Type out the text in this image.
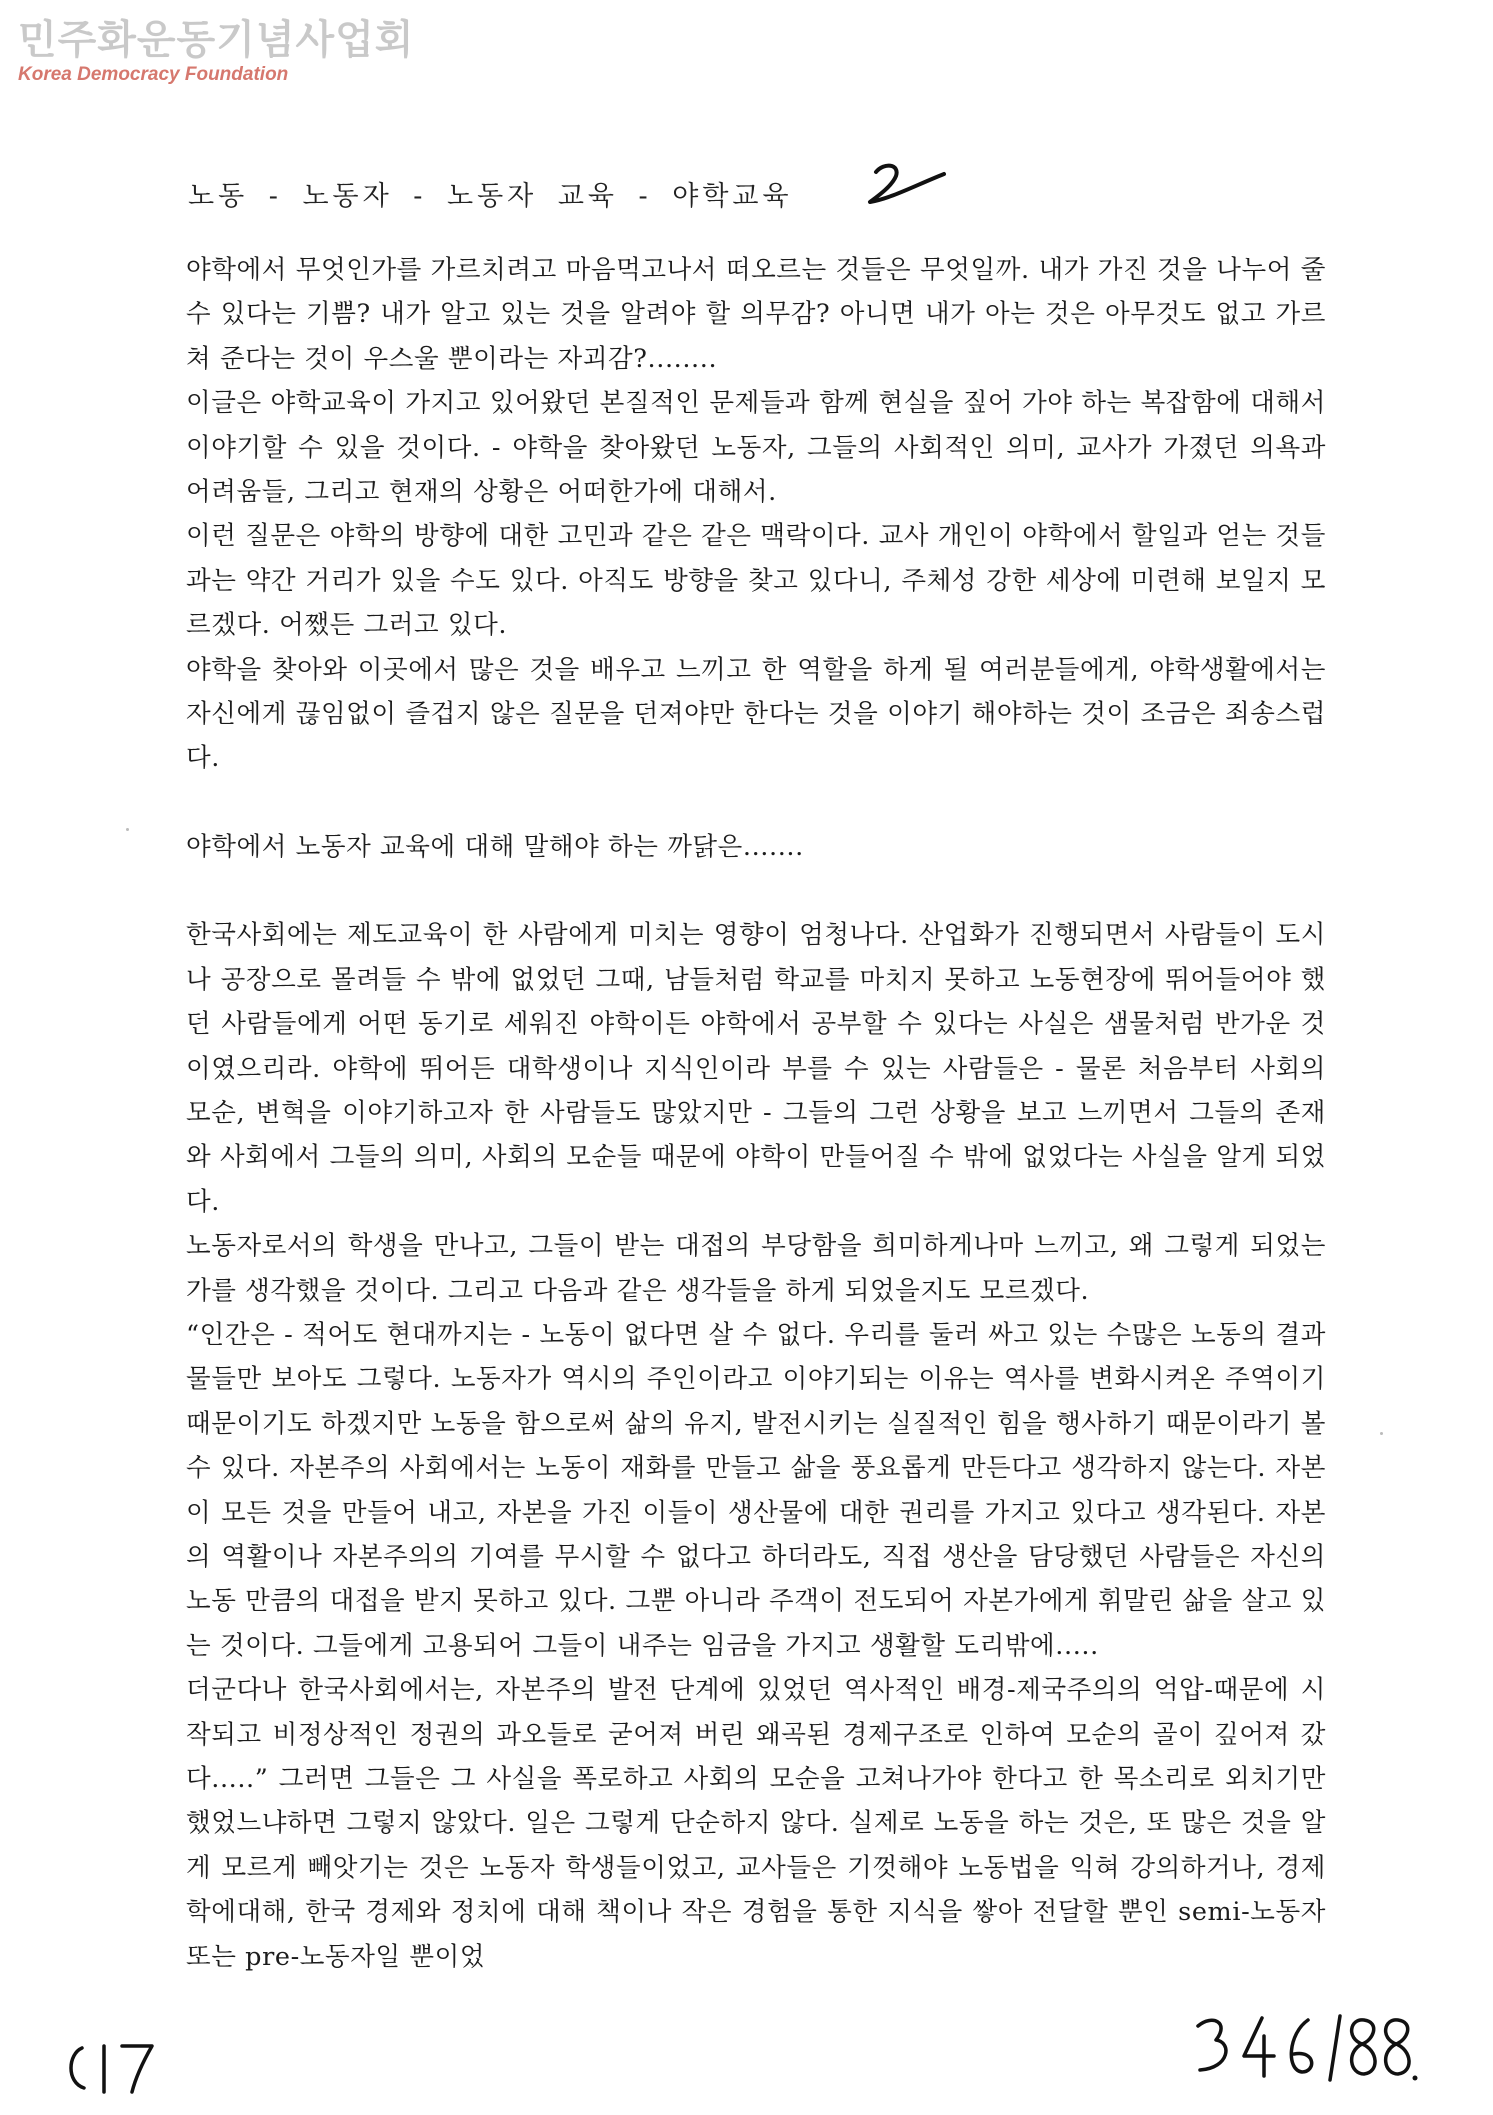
민주화운동기념사업회
Korea Democracy Foundation
노동 - 노동자 - 노동자 교육 - 야학교육

야학에서 무엇인가를 가르치려고 마음먹고나서 떠오르는 것들은 무엇일까. 내가 가진 것을 나누어 줄 수 있다는 기쁨? 내가 알고 있는 것을 알려야 할 의무감? 아니면 내가 아는 것은 아무것도 없고 가르쳐 준다는 것이 우스울 뿐이라는 자괴감?........

이글은 야학교육이 가지고 있어왔던 본질적인 문제들과 함께 현실을 짚어 가야 하는 복잡함에 대해서 이야기할 수 있을 것이다. - 야학을 찾아왔던 노동자, 그들의 사회적인 의미, 교사가 가졌던 의욕과 어려움들, 그리고 현재의 상황은 어떠한가에 대해서.

이런 질문은 야학의 방향에 대한 고민과 같은 같은 맥락이다. 교사 개인이 야학에서 할일과 얻는 것들과는 약간 거리가 있을 수도 있다. 아직도 방향을 찾고 있다니, 주체성 강한 세상에 미련해 보일지 모르겠다. 어쨌든 그러고 있다.

야학을 찾아와 이곳에서 많은 것을 배우고 느끼고 한 역할을 하게 될 여러분들에게, 야학생활에서는 자신에게 끊임없이 즐겁지 않은 질문을 던져야만 한다는 것을 이야기 해야하는 것이 조금은 죄송스럽다.

야학에서 노동자 교육에 대해 말해야 하는 까닭은.......

한국사회에는 제도교육이 한 사람에게 미치는 영향이 엄청나다. 산업화가 진행되면서 사람들이 도시나 공장으로 몰려들 수 밖에 없었던 그때, 남들처럼 학교를 마치지 못하고 노동현장에 뛰어들어야 했던 사람들에게 어떤 동기로 세워진 야학이든 야학에서 공부할 수 있다는 사실은 샘물처럼 반가운 것이였으리라. 야학에 뛰어든 대학생이나 지식인이라 부를 수 있는 사람들은 - 물론 처음부터 사회의 모순, 변혁을 이야기하고자 한 사람들도 많았지만 - 그들의 그런 상황을 보고 느끼면서 그들의 존재와 사회에서 그들의 의미, 사회의 모순들 때문에 야학이 만들어질 수 밖에 없었다는 사실을 알게 되었다.

노동자로서의 학생을 만나고, 그들이 받는 대접의 부당함을 희미하게나마 느끼고, 왜 그렇게 되었는가를 생각했을 것이다. 그리고 다음과 같은 생각들을 하게 되었을지도 모르겠다.

“인간은 - 적어도 현대까지는 - 노동이 없다면 살 수 없다. 우리를 둘러 싸고 있는 수많은 노동의 결과물들만 보아도 그렇다. 노동자가 역시의 주인이라고 이야기되는 이유는 역사를 변화시켜온 주역이기 때문이기도 하겠지만 노동을 함으로써 삶의 유지, 발전시키는 실질적인 힘을 행사하기 때문이라기 볼 수 있다. 자본주의 사회에서는 노동이 재화를 만들고 삶을 풍요롭게 만든다고 생각하지 않는다. 자본이 모든 것을 만들어 내고, 자본을 가진 이들이 생산물에 대한 권리를 가지고 있다고 생각된다. 자본의 역활이나 자본주의의 기여를 무시할 수 없다고 하더라도, 직접 생산을 담당했던 사람들은 자신의 노동 만큼의 대접을 받지 못하고 있다. 그뿐 아니라 주객이 전도되어 자본가에게 휘말린 삶을 살고 있는 것이다. 그들에게 고용되어 그들이 내주는 임금을 가지고 생활할 도리밖에.....

더군다나 한국사회에서는, 자본주의 발전 단계에 있었던 역사적인 배경-제국주의의 억압-때문에 시작되고 비정상적인 정권의 과오들로 굳어져 버린 왜곡된 경제구조로 인하여 모순의 골이 깊어져 갔다.....” 그러면 그들은 그 사실을 폭로하고 사회의 모순을 고쳐나가야 한다고 한 목소리로 외치기만 했었느냐하면 그렇지 않았다. 일은 그렇게 단순하지 않다. 실제로 노동을 하는 것은, 또 많은 것을 알게 모르게 빼앗기는 것은 노동자 학생들이었고, 교사들은 기껏해야 노동법을 익혀 강의하거나, 경제학에대해, 한국 경제와 정치에 대해 책이나 작은 경험을 통한 지식을 쌓아 전달할 뿐인 semi-노동자 또는 pre-노동자일 뿐이었
